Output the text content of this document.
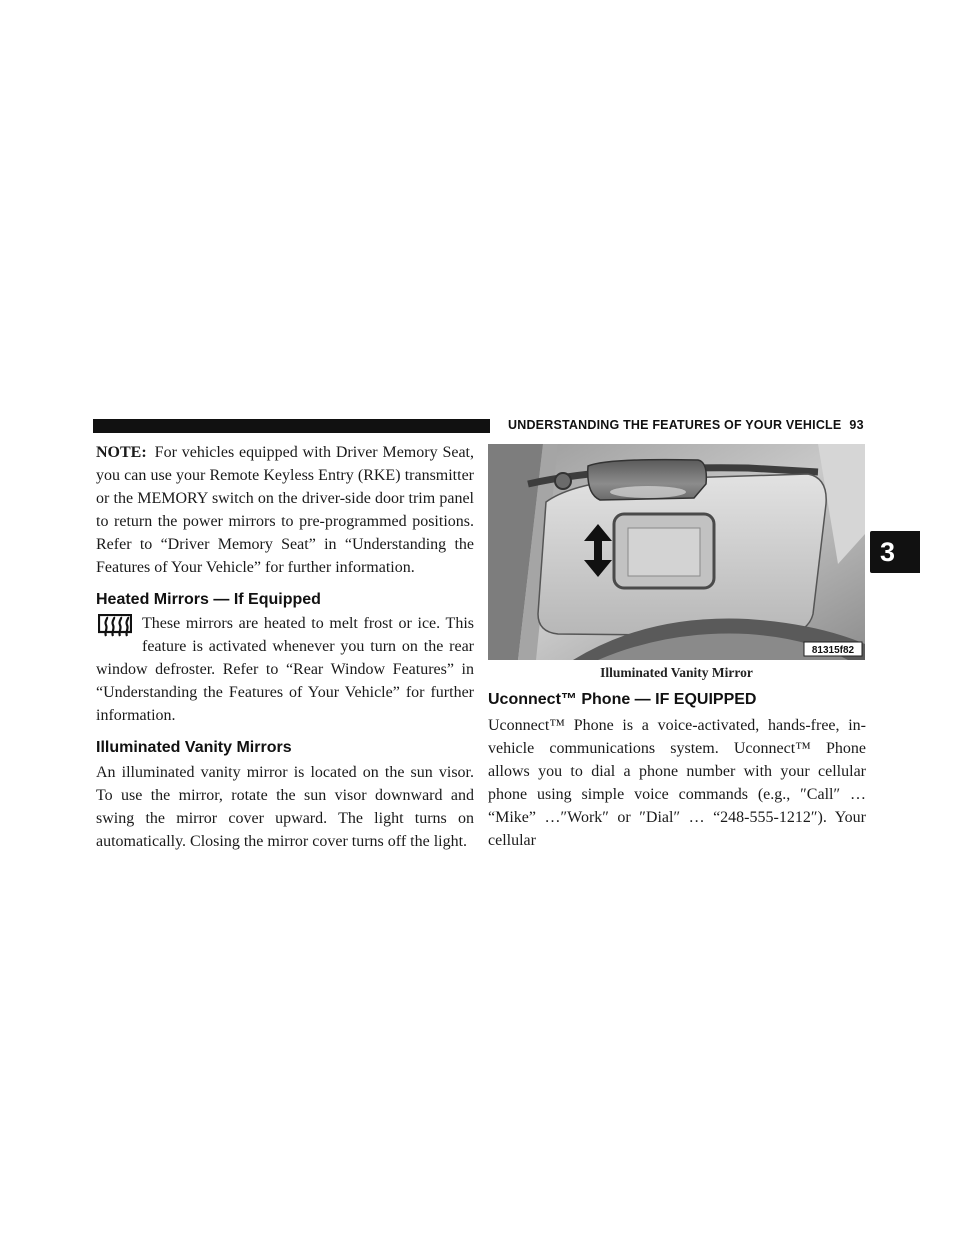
UNDERSTANDING THE FEATURES OF YOUR VEHICLE 93
3

NOTE: For vehicles equipped with Driver Memory Seat, you can use your Remote Keyless Entry (RKE) transmitter or the MEMORY switch on the driver-side door trim panel to return the power mirrors to pre-programmed positions. Refer to “Driver Memory Seat” in “Understanding the Features of Your Vehicle” for further information.

Heated Mirrors — If Equipped

These mirrors are heated to melt frost or ice. This feature is activated whenever you turn on the rear window defroster. Refer to “Rear Window Features” in “Understanding the Features of Your Vehicle” for further information.

Illuminated Vanity Mirrors

An illuminated vanity mirror is located on the sun visor. To use the mirror, rotate the sun visor downward and swing the mirror cover upward. The light turns on automatically. Closing the mirror cover turns off the light.

81315f82
Illuminated Vanity Mirror
Uconnect™ Phone — IF EQUIPPED

Uconnect™ Phone is a voice-activated, hands-free, in-vehicle communications system. Uconnect™ Phone allows you to dial a phone number with your cellular phone using simple voice commands (e.g., ″Call″ … “Mike” …″Work″ or ″Dial″ … “248-555-1212″). Your cellular
